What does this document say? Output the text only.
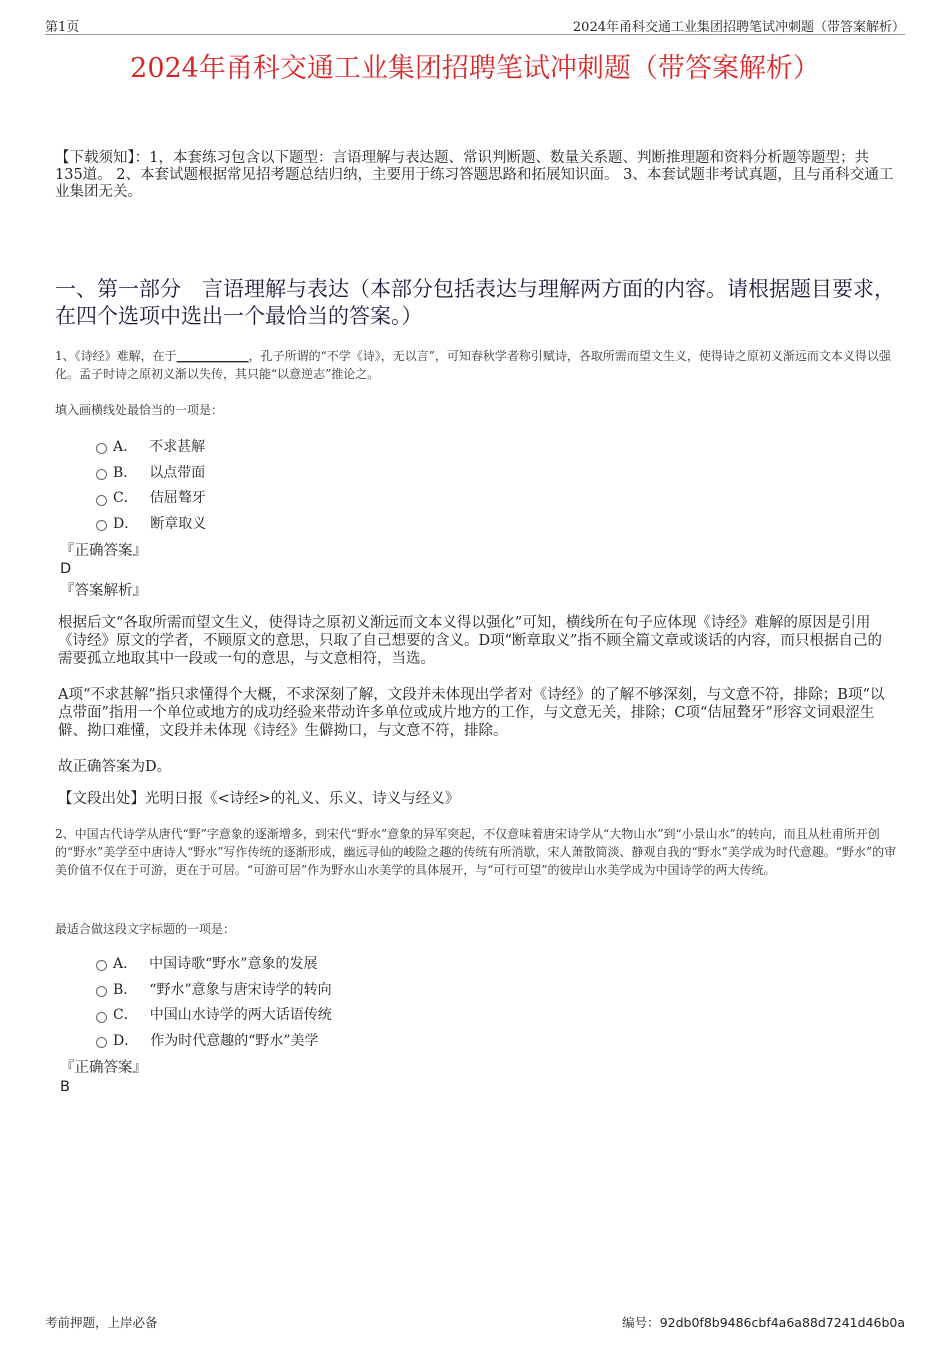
第1页	2024年甬科交通工业集团招聘笔试冲刺题（带答案解析）
2024年甬科交通工业集团招聘笔试冲刺题（带答案解析）
【下载须知】：1，本套练习包含以下题型：言语理解与表达题、常识判断题、数量关系题、判断推理题和资料分析题等题型；共135道。 2、本套试题根据常见招考题总结归纳，主要用于练习答题思路和拓展知识面。 3、本套试题非考试真题，且与甬科交通工业集团无关。
一、第一部分　言语理解与表达（本部分包括表达与理解两方面的内容。请根据题目要求，在四个选项中选出一个最恰当的答案。）
1、《诗经》难解，在于____________，孔子所谓的“不学《诗》，无以言”，可知春秋学者称引赋诗，各取所需而望文生义，使得诗之原初义渐远而文本义得以强化。孟子时诗之原初义渐以失传，其只能“以意逆志”推论之。
填入画横线处最恰当的一项是：
A． 不求甚解
B． 以点带面
C． 佶屈聱牙
D． 断章取义
『正确答案』
D
『答案解析』
根据后文“各取所需而望文生义，使得诗之原初义渐远而文本义得以强化”可知，横线所在句子应体现《诗经》难解的原因是引用《诗经》原文的学者，不顾原文的意思，只取了自己想要的含义。D项“断章取义”指不顾全篇文章或谈话的内容，而只根据自己的需要孤立地取其中一段或一句的意思，与文意相符，当选。
A项“不求甚解”指只求懂得个大概，不求深刻了解，文段并未体现出学者对《诗经》的了解不够深刻，与文意不符，排除；B项“以点带面”指用一个单位或地方的成功经验来带动许多单位或成片地方的工作，与文意无关，排除；C项“佶屈聱牙”形容文词艰涩生僻、拗口难懂，文段并未体现《诗经》生僻拗口，与文意不符，排除。
故正确答案为D。
【文段出处】光明日报《<诗经>的礼义、乐义、诗义与经义》
2、中国古代诗学从唐代“野”字意象的逐渐增多，到宋代“野水”意象的异军突起，不仅意味着唐宋诗学从“大物山水”到“小景山水”的转向，而且从杜甫所开创的“野水”美学至中唐诗人“野水”写作传统的逐渐形成，幽远寻仙的峻险之趣的传统有所消歇，宋人萧散简淡、静观自我的“野水”美学成为时代意趣。“野水”的审美价值不仅在于可游，更在于可居。“可游可居”作为野水山水美学的具体展开，与“可行可望”的彼岸山水美学成为中国诗学的两大传统。
最适合做这段文字标题的一项是：
A． 中国诗歌“野水”意象的发展
B． “野水”意象与唐宋诗学的转向
C． 中国山水诗学的两大话语传统
D． 作为时代意趣的“野水”美学
『正确答案』
B
考前押题，上岸必备	编号：92db0f8b9486cbf4a6a88d7241d46b0a
